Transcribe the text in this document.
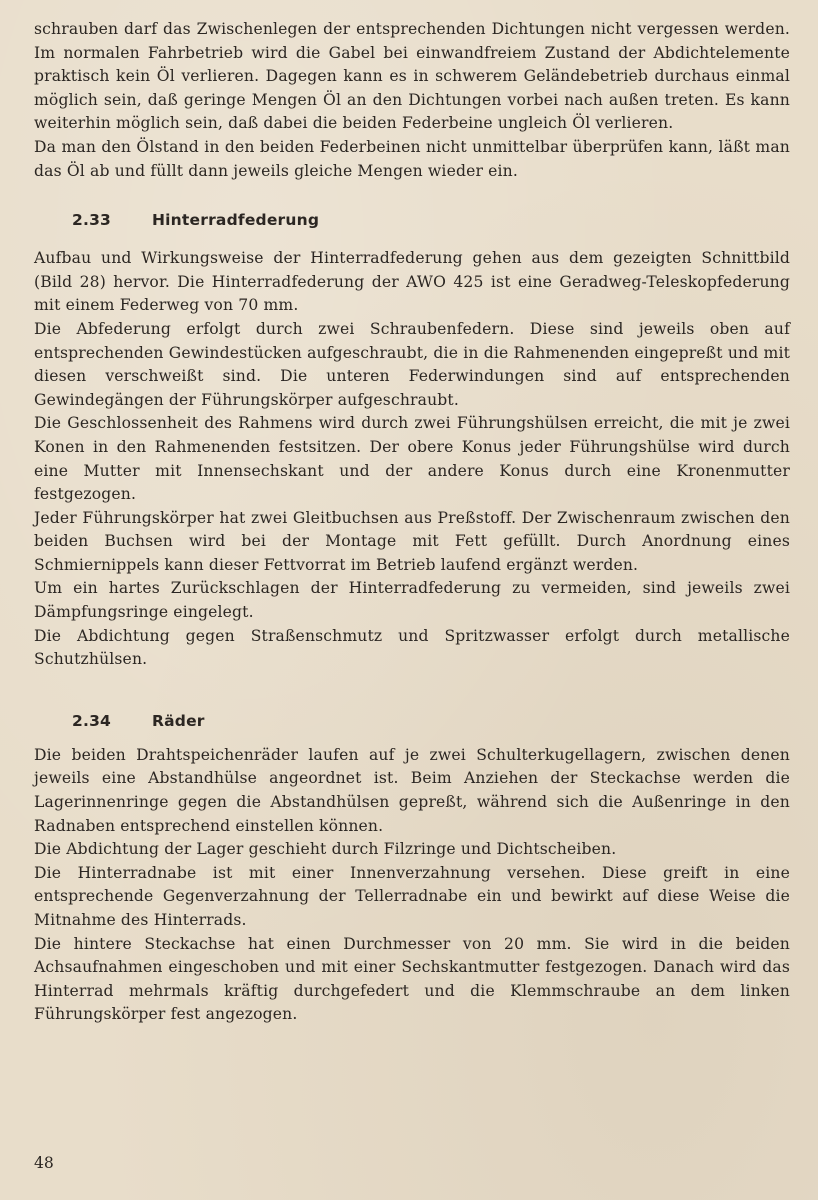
schrauben darf das Zwischenlegen der entsprechenden Dichtungen nicht vergessen werden. Im normalen Fahrbetrieb wird die Gabel bei einwandfreiem Zustand der Abdichtelemente praktisch kein Öl verlieren. Dagegen kann es in schwerem Geländebetrieb durchaus einmal möglich sein, daß geringe Mengen Öl an den Dichtungen vorbei nach außen treten. Es kann weiterhin möglich sein, daß dabei die beiden Federbeine ungleich Öl verlieren.

Da man den Ölstand in den beiden Federbeinen nicht unmittelbar überprüfen kann, läßt man das Öl ab und füllt dann jeweils gleiche Mengen wieder ein.

2.33	Hinterradfederung

Aufbau und Wirkungsweise der Hinterradfederung gehen aus dem gezeigten Schnittbild (Bild 28) hervor. Die Hinterradfederung der AWO 425 ist eine Geradweg-Teleskopfederung mit einem Federweg von 70 mm.

Die Abfederung erfolgt durch zwei Schraubenfedern. Diese sind jeweils oben auf entsprechenden Gewindestücken aufgeschraubt, die in die Rahmenenden eingepreßt und mit diesen verschweißt sind. Die unteren Federwindungen sind auf entsprechenden Gewindegängen der Führungskörper aufgeschraubt.

Die Geschlossenheit des Rahmens wird durch zwei Führungshülsen erreicht, die mit je zwei Konen in den Rahmenenden festsitzen. Der obere Konus jeder Führungshülse wird durch eine Mutter mit Innensechskant und der andere Konus durch eine Kronenmutter festgezogen.

Jeder Führungskörper hat zwei Gleitbuchsen aus Preßstoff. Der Zwischenraum zwischen den beiden Buchsen wird bei der Montage mit Fett gefüllt. Durch Anordnung eines Schmiernippels kann dieser Fettvorrat im Betrieb laufend ergänzt werden.

Um ein hartes Zurückschlagen der Hinterradfederung zu vermeiden, sind jeweils zwei Dämpfungsringe eingelegt.

Die Abdichtung gegen Straßenschmutz und Spritzwasser erfolgt durch metallische Schutzhülsen.

2.34	Räder

Die beiden Drahtspeichenräder laufen auf je zwei Schulterkugellagern, zwischen denen jeweils eine Abstandhülse angeordnet ist. Beim Anziehen der Steckachse werden die Lagerinnenringe gegen die Abstandhülsen gepreßt, während sich die Außenringe in den Radnaben entsprechend einstellen können.

Die Abdichtung der Lager geschieht durch Filzringe und Dichtscheiben.

Die Hinterradnabe ist mit einer Innenverzahnung versehen. Diese greift in eine entsprechende Gegenverzahnung der Tellerradnabe ein und bewirkt auf diese Weise die Mitnahme des Hinterrads.

Die hintere Steckachse hat einen Durchmesser von 20 mm. Sie wird in die beiden Achsaufnahmen eingeschoben und mit einer Sechskantmutter festgezogen. Danach wird das Hinterrad mehrmals kräftig durchgefedert und die Klemmschraube an dem linken Führungskörper fest angezogen.

48
